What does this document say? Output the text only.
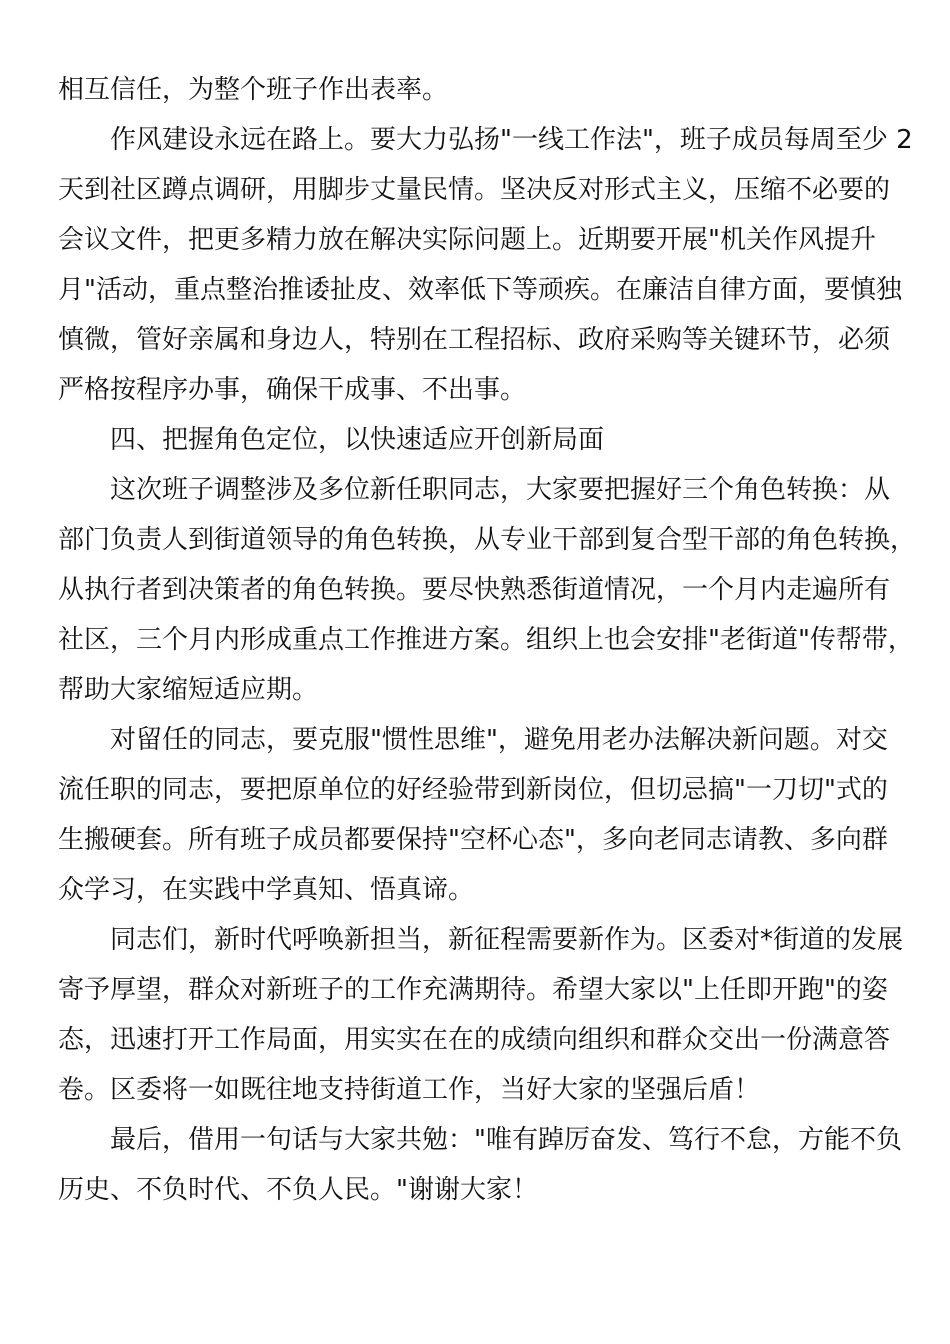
相互信任，为整个班子作出表率。
作风建设永远在路上。要大力弘扬"一线工作法"，班子成员每周至少 2
天到社区蹲点调研，用脚步丈量民情。坚决反对形式主义，压缩不必要的
会议文件，把更多精力放在解决实际问题上。近期要开展"机关作风提升
月"活动，重点整治推诿扯皮、效率低下等顽疾。在廉洁自律方面，要慎独
慎微，管好亲属和身边人，特别在工程招标、政府采购等关键环节，必须
严格按程序办事，确保干成事、不出事。
四、把握角色定位，以快速适应开创新局面
这次班子调整涉及多位新任职同志，大家要把握好三个角色转换：从
部门负责人到街道领导的角色转换，从专业干部到复合型干部的角色转换，
从执行者到决策者的角色转换。要尽快熟悉街道情况，一个月内走遍所有
社区，三个月内形成重点工作推进方案。组织上也会安排"老街道"传帮带，
帮助大家缩短适应期。
对留任的同志，要克服"惯性思维"，避免用老办法解决新问题。对交
流任职的同志，要把原单位的好经验带到新岗位，但切忌搞"一刀切"式的
生搬硬套。所有班子成员都要保持"空杯心态"，多向老同志请教、多向群
众学习，在实践中学真知、悟真谛。
同志们，新时代呼唤新担当，新征程需要新作为。区委对*街道的发展
寄予厚望，群众对新班子的工作充满期待。希望大家以"上任即开跑"的姿
态，迅速打开工作局面，用实实在在的成绩向组织和群众交出一份满意答
卷。区委将一如既往地支持街道工作，当好大家的坚强后盾！
最后，借用一句话与大家共勉："唯有踔厉奋发、笃行不怠，方能不负
历史、不负时代、不负人民。"谢谢大家！
